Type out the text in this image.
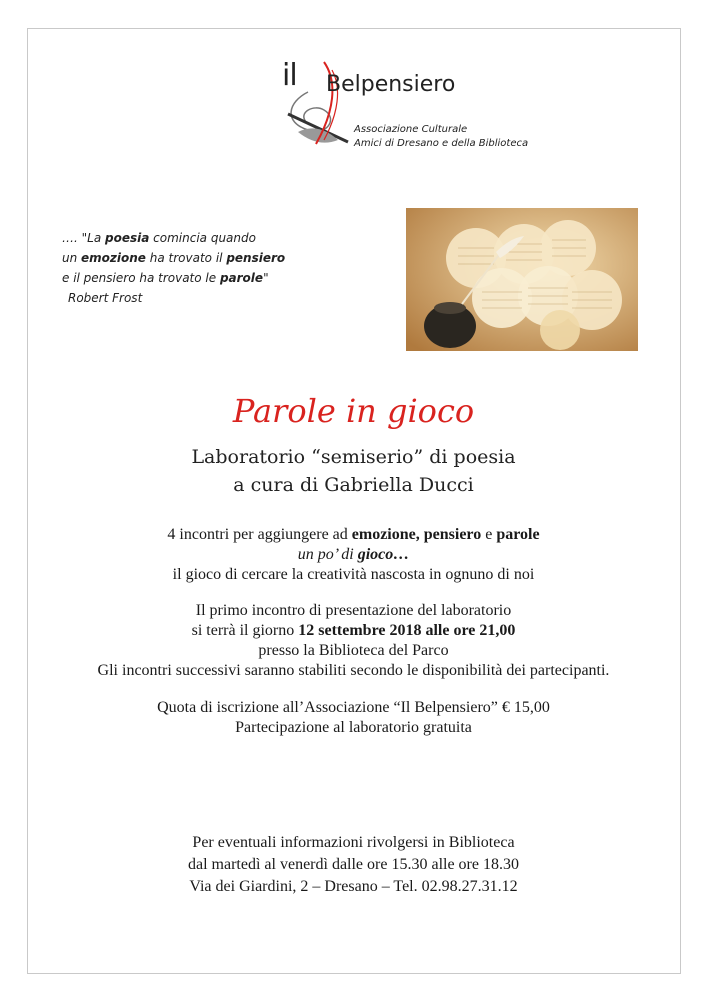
il Belpensiero
Associazione Culturale
Amici di Dresano e della Biblioteca
…. "La poesia comincia quando
un emozione ha trovato il pensiero
e il pensiero ha trovato le parole"
Robert Frost
Parole in gioco
Laboratorio “semiserio” di poesia
a cura di Gabriella Ducci
4 incontri per aggiungere ad emozione, pensiero e parole
un po’ di gioco…
il gioco di cercare la creatività nascosta in ognuno di noi
Il primo incontro di presentazione del laboratorio
si terrà il giorno 12 settembre 2018 alle ore 21,00
presso la Biblioteca del Parco
Gli incontri successivi saranno stabiliti secondo le disponibilità dei partecipanti.
Quota di iscrizione all’Associazione “Il Belpensiero” € 15,00
Partecipazione al laboratorio gratuita
Per eventuali informazioni rivolgersi in Biblioteca
dal martedì al venerdì dalle ore 15.30 alle ore 18.30
Via dei Giardini, 2 – Dresano – Tel. 02.98.27.31.12
